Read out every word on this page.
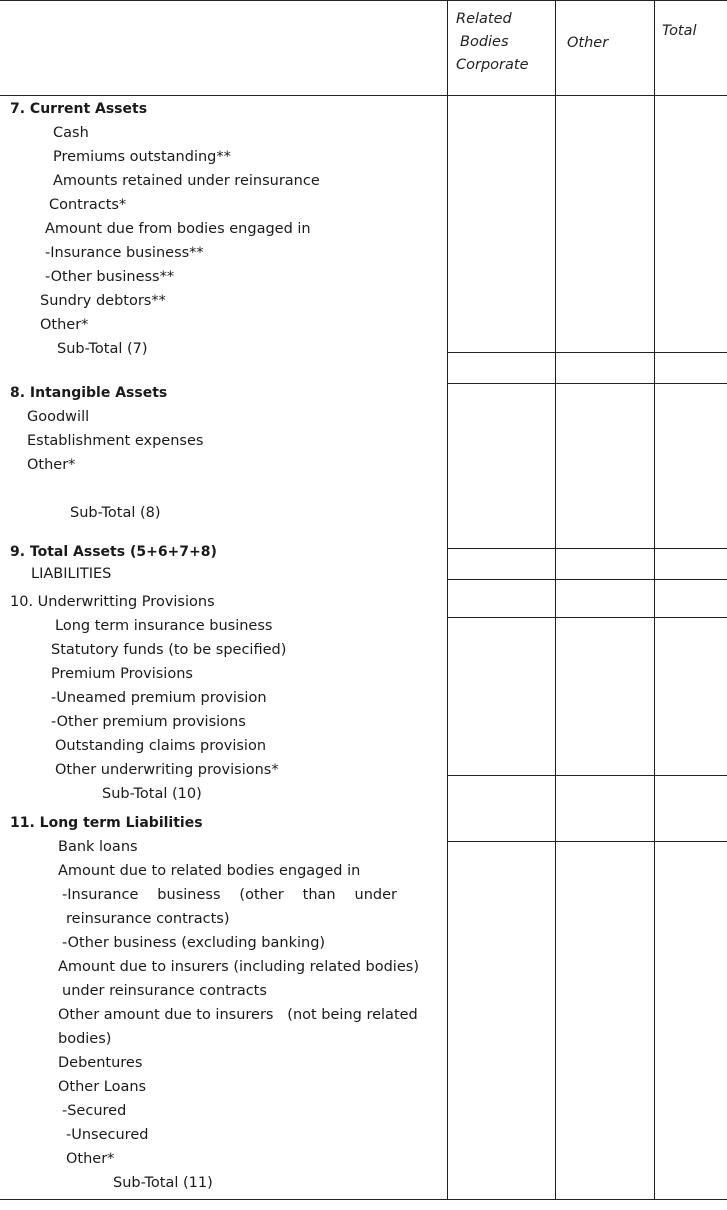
Related
Bodies
Corporate
Other
Total
7. Current Assets
Cash
Premiums outstanding**
Amounts retained under reinsurance
Contracts*
Amount due from bodies engaged in
-Insurance business**
-Other business**
Sundry debtors**
Other*
Sub-Total (7)
8. Intangible Assets
Goodwill
Establishment expenses
Other*
Sub-Total (8)
9. Total Assets (5+6+7+8)
LIABILITIES
10. Underwritting Provisions
Long term insurance business
Statutory funds (to be specified)
Premium Provisions
-Uneamed premium provision
-Other premium provisions
Outstanding claims provision
Other underwriting provisions*
Sub-Total (10)
11. Long term Liabilities
Bank loans
Amount due to related bodies engaged in
-Insurance business (other than under
reinsurance contracts)
-Other business (excluding banking)
Amount due to insurers (including related bodies)
under reinsurance contracts
Other amount due to insurers   (not being related
bodies)
Debentures
Other Loans
-Secured
-Unsecured
Other*
Sub-Total (11)
